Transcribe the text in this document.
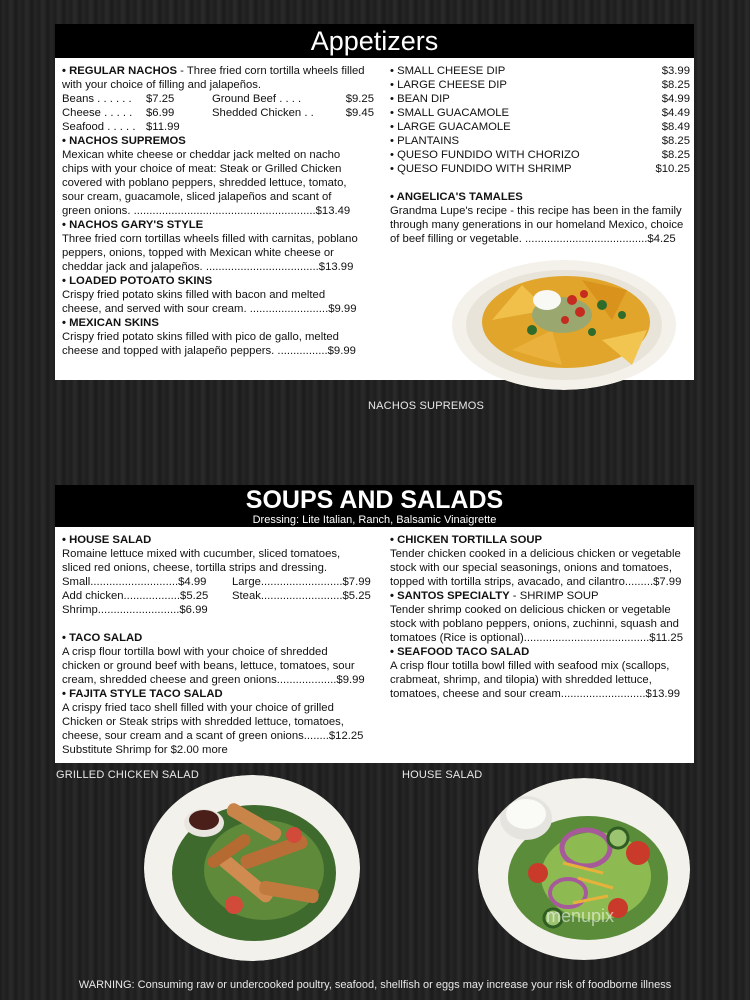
Appetizers
• REGULAR NACHOS - Three fried corn tortilla wheels filled
with your choice of filling and jalapeños.
Beans . . . . . .	$7.25	Ground Beef . . . .	$9.25
Cheese . . . . .	$6.99	Shedded Chicken . .	$9.45
Seafood . . . . . $11.99
• NACHOS SUPREMOS
Mexican white cheese or cheddar jack melted on nacho
chips with your choice of meat: Steak or Grilled Chicken
covered with poblano peppers, shredded lettuce, tomato,
sour cream, guacamole, sliced jalapeños and scant of
green onions. ..........................................................$13.49
• NACHOS GARY'S STYLE
Three fried corn tortillas wheels filled with carnitas, poblano
peppers, onions, topped with Mexican white cheese or
cheddar jack and jalapeños. ....................................$13.99
• LOADED POTOATO SKINS
Crispy fried potato skins filled with bacon and melted
cheese, and served with sour cream. .........................$9.99
• MEXICAN SKINS
Crispy fried potato skins filled with pico de gallo, melted
cheese and topped with jalapeño peppers. ................$9.99
• SMALL CHEESE DIP	$3.99
• LARGE CHEESE DIP	$8.25
• BEAN DIP	$4.99
• SMALL GUACAMOLE	$4.49
• LARGE GUACAMOLE	$8.49
• PLANTAINS	$8.25
• QUESO FUNDIDO WITH CHORIZO	$8.25
• QUESO FUNDIDO WITH SHRIMP	$10.25
• ANGELICA'S TAMALES
Grandma Lupe's recipe - this recipe has been in the family
through many generations in our homeland Mexico, choice
of beef filling or vegetable. .......................................$4.25
NACHOS SUPREMOS
SOUPS AND SALADS
Dressing: Lite Italian, Ranch, Balsamic Vinaigrette
• HOUSE SALAD
Romaine lettuce mixed with cucumber, sliced tomatoes,
sliced red onions, cheese, tortilla strips and dressing.
Small............................$4.99	Large..........................$7.99
Add chicken..................$5.25	Steak..........................$5.25
Shrimp..........................$6.99
• TACO SALAD
A crisp flour tortilla bowl with your choice of shredded
chicken or ground beef with beans, lettuce, tomatoes, sour
cream, shredded cheese and green onions...................$9.99
• FAJITA STYLE TACO SALAD
A crispy fried taco shell filled with your choice of grilled
Chicken or Steak strips with shredded lettuce, tomatoes,
cheese, sour cream and a scant of green onions........$12.25
Substitute Shrimp for $2.00 more
• CHICKEN TORTILLA SOUP
Tender chicken cooked in a delicious chicken or vegetable
stock with our special seasonings, onions and tomatoes,
topped with tortilla strips, avacado, and cilantro.........$7.99
• SANTOS SPECIALTY - SHRIMP SOUP
Tender shrimp cooked on delicious chicken or vegetable
stock with poblano peppers, onions, zuchinni, squash and
tomatoes (Rice is optional)........................................$11.25
• SEAFOOD TACO SALAD
A crisp flour totilla bowl filled with seafood mix (scallops,
crabmeat, shrimp, and tilopia) with shredded lettuce,
tomatoes, cheese and sour cream...........................$13.99
GRILLED CHICKEN SALAD	HOUSE SALAD
menupix
WARNING: Consuming raw or undercooked poultry, seafood, shellfish or eggs may increase your risk of foodborne illness
